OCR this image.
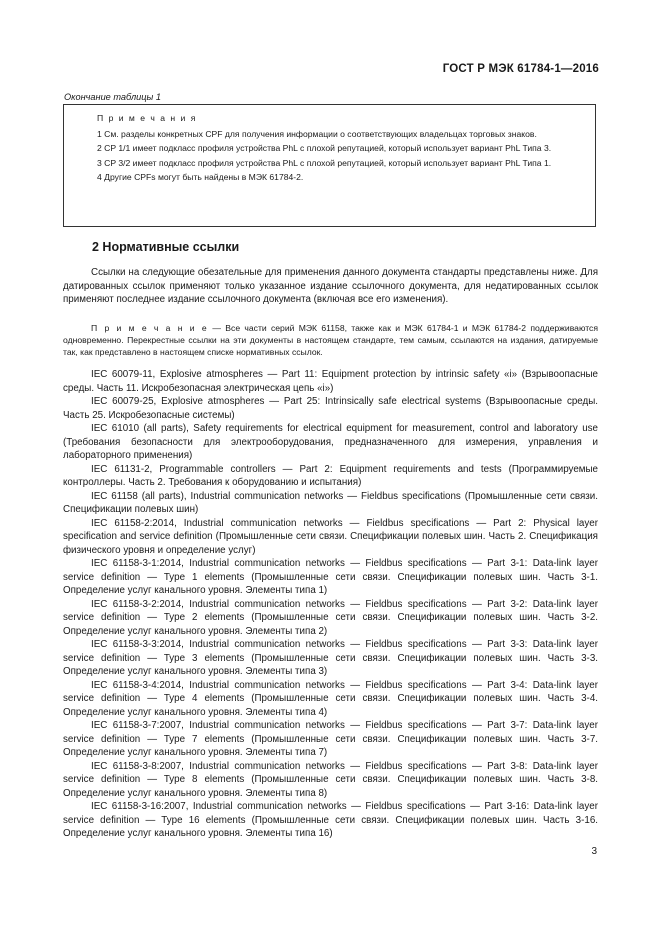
ГОСТ Р МЭК 61784-1—2016
Окончание таблицы 1

П р и м е ч а н и я

1 См. разделы конкретных CPF для получения информации о соответствующих владельцах торговых знаков.

2 CP 1/1 имеет подкласс профиля устройства PhL с плохой репутацией, который использует вариант PhL Типа 3.

3 CP 3/2 имеет подкласс профиля устройства PhL с плохой репутацией, который использует вариант PhL Типа 1.

4 Другие CPFs могут быть найдены в МЭК 61784-2.

2 Нормативные ссылки

Ссылки на следующие обезательные для применения данного документа стандарты представлены ниже. Для датированных ссылок применяют только указанное издание ссылочного документа, для недатированных ссылок применяют последнее издание ссылочного документа (включая все его изменения).

П р и м е ч а н и е — Все части серий МЭК 61158, также как и МЭК 61784-1 и МЭК 61784-2 поддерживаются одновременно. Перекрестные ссылки на эти документы в настоящем стандарте, тем самым, ссылаются на издания, датируемые так, как представлено в настоящем списке нормативных ссылок.

IEC 60079-11, Explosive atmospheres — Part 11: Equipment protection by intrinsic safety «i» (Взрывоопасные среды. Часть 11. Искробезопасная электрическая цепь «i»)

IEC 60079-25, Explosive atmospheres — Part 25: Intrinsically safe electrical systems (Взрывоопасные среды. Часть 25. Искробезопасные системы)

IEC 61010 (all parts), Safety requirements for electrical equipment for measurement, control and laboratory use (Требования безопасности для электрооборудования, предназначенного для измерения, управления и лабораторного применения)

IEC 61131-2, Programmable controllers — Part 2: Equipment requirements and tests (Программируемые контроллеры. Часть 2. Требования к оборудованию и испытания)

IEC 61158 (all parts), Industrial communication networks — Fieldbus specifications (Промышленные сети связи. Спецификации полевых шин)

IEC 61158-2:2014, Industrial communication networks — Fieldbus specifications — Part 2: Physical layer specification and service definition (Промышленные сети связи. Спецификации полевых шин. Часть 2. Спецификация физического уровня и определение услуг)

IEC 61158-3-1:2014, Industrial communication networks — Fieldbus specifications — Part 3-1: Data-link layer service definition — Type 1 elements (Промышленные сети связи. Спецификации полевых шин. Часть 3-1. Определение услуг канального уровня. Элементы типа 1)

IEC 61158-3-2:2014, Industrial communication networks — Fieldbus specifications — Part 3-2: Data-link layer service definition — Type 2 elements (Промышленные сети связи. Спецификации полевых шин. Часть 3-2. Определение услуг канального уровня. Элементы типа 2)

IEC 61158-3-3:2014, Industrial communication networks — Fieldbus specifications — Part 3-3: Data-link layer service definition — Type 3 elements (Промышленные сети связи. Спецификации полевых шин. Часть 3-3. Определение услуг канального уровня. Элементы типа 3)

IEC 61158-3-4:2014, Industrial communication networks — Fieldbus specifications — Part 3-4: Data-link layer service definition — Type 4 elements (Промышленные сети связи. Спецификации полевых шин. Часть 3-4. Определение услуг канального уровня. Элементы типа 4)

IEC 61158-3-7:2007, Industrial communication networks — Fieldbus specifications — Part 3-7: Data-link layer service definition — Type 7 elements (Промышленные сети связи. Спецификации полевых шин. Часть 3-7. Определение услуг канального уровня. Элементы типа 7)

IEC 61158-3-8:2007, Industrial communication networks — Fieldbus specifications — Part 3-8: Data-link layer service definition — Type 8 elements (Промышленные сети связи. Спецификации полевых шин. Часть 3-8. Определение услуг канального уровня. Элементы типа 8)

IEC 61158-3-16:2007, Industrial communication networks — Fieldbus specifications — Part 3-16: Data-link layer service definition — Type 16 elements (Промышленные сети связи. Спецификации полевых шин. Часть 3-16. Определение услуг канального уровня. Элементы типа 16)

3
